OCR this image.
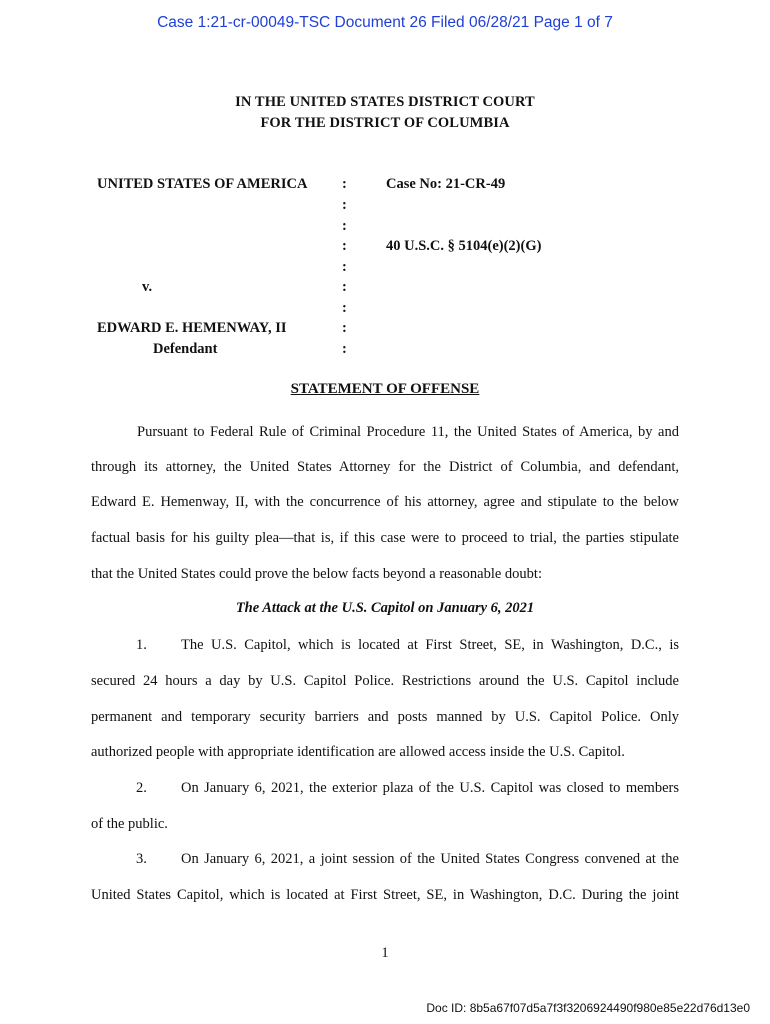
Case 1:21-cr-00049-TSC Document 26 Filed 06/28/21 Page 1 of 7
IN THE UNITED STATES DISTRICT COURT
FOR THE DISTRICT OF COLUMBIA
UNITED STATES OF AMERICA
v.
EDWARD E. HEMENWAY, II
Defendant
:
:
:
:
:
:
:
:
:
Case No: 21-CR-49
40 U.S.C. § 5104(e)(2)(G)
STATEMENT OF OFFENSE
Pursuant to Federal Rule of Criminal Procedure 11, the United States of America, by and
through its attorney, the United States Attorney for the District of Columbia, and defendant,
Edward E. Hemenway, II, with the concurrence of his attorney, agree and stipulate to the below
factual basis for his guilty plea—that is, if this case were to proceed to trial, the parties stipulate
that the United States could prove the below facts beyond a reasonable doubt:
The Attack at the U.S. Capitol on January 6, 2021
1. The U.S. Capitol, which is located at First Street, SE, in Washington, D.C., is
secured 24 hours a day by U.S. Capitol Police. Restrictions around the U.S. Capitol include
permanent and temporary security barriers and posts manned by U.S. Capitol Police. Only
authorized people with appropriate identification are allowed access inside the U.S. Capitol.
2. On January 6, 2021, the exterior plaza of the U.S. Capitol was closed to members
of the public.
3. On January 6, 2021, a joint session of the United States Congress convened at the
United States Capitol, which is located at First Street, SE, in Washington, D.C. During the joint
1
Doc ID: 8b5a67f07d5a7f3f3206924490f980e85e22d76d13e0
